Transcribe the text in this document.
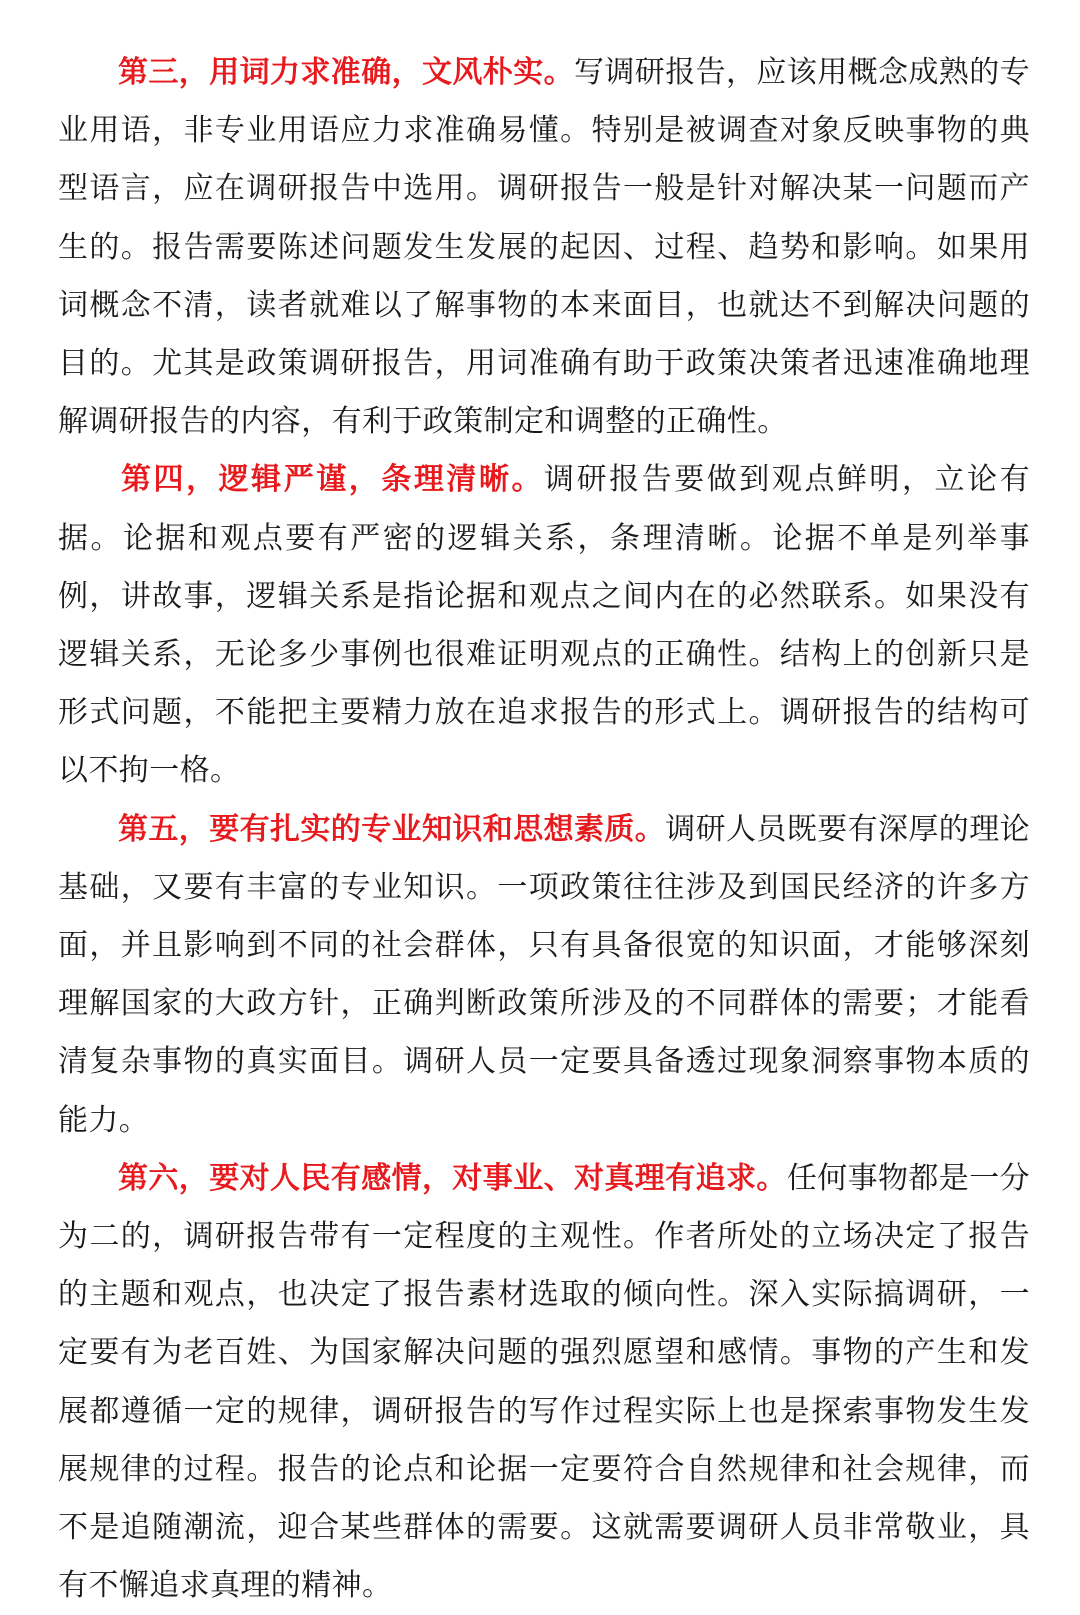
第三，用词力求准确，文风朴实。写调研报告，应该用概念成熟的专业用语，非专业用语应力求准确易懂。特别是被调查对象反映事物的典型语言，应在调研报告中选用。调研报告一般是针对解决某一问题而产生的。报告需要陈述问题发生发展的起因、过程、趋势和影响。如果用词概念不清，读者就难以了解事物的本来面目，也就达不到解决问题的目的。尤其是政策调研报告，用词准确有助于政策决策者迅速准确地理解调研报告的内容，有利于政策制定和调整的正确性。

第四，逻辑严谨，条理清晰。调研报告要做到观点鲜明，立论有据。论据和观点要有严密的逻辑关系，条理清晰。论据不单是列举事例，讲故事，逻辑关系是指论据和观点之间内在的必然联系。如果没有逻辑关系，无论多少事例也很难证明观点的正确性。结构上的创新只是形式问题，不能把主要精力放在追求报告的形式上。调研报告的结构可以不拘一格。

第五，要有扎实的专业知识和思想素质。调研人员既要有深厚的理论基础，又要有丰富的专业知识。一项政策往往涉及到国民经济的许多方面，并且影响到不同的社会群体，只有具备很宽的知识面，才能够深刻理解国家的大政方针，正确判断政策所涉及的不同群体的需要；才能看清复杂事物的真实面目。调研人员一定要具备透过现象洞察事物本质的能力。

第六，要对人民有感情，对事业、对真理有追求。任何事物都是一分为二的，调研报告带有一定程度的主观性。作者所处的立场决定了报告的主题和观点，也决定了报告素材选取的倾向性。深入实际搞调研，一定要有为老百姓、为国家解决问题的强烈愿望和感情。事物的产生和发展都遵循一定的规律，调研报告的写作过程实际上也是探索事物发生发展规律的过程。报告的论点和论据一定要符合自然规律和社会规律，而不是追随潮流，迎合某些群体的需要。这就需要调研人员非常敬业，具有不懈追求真理的精神。
